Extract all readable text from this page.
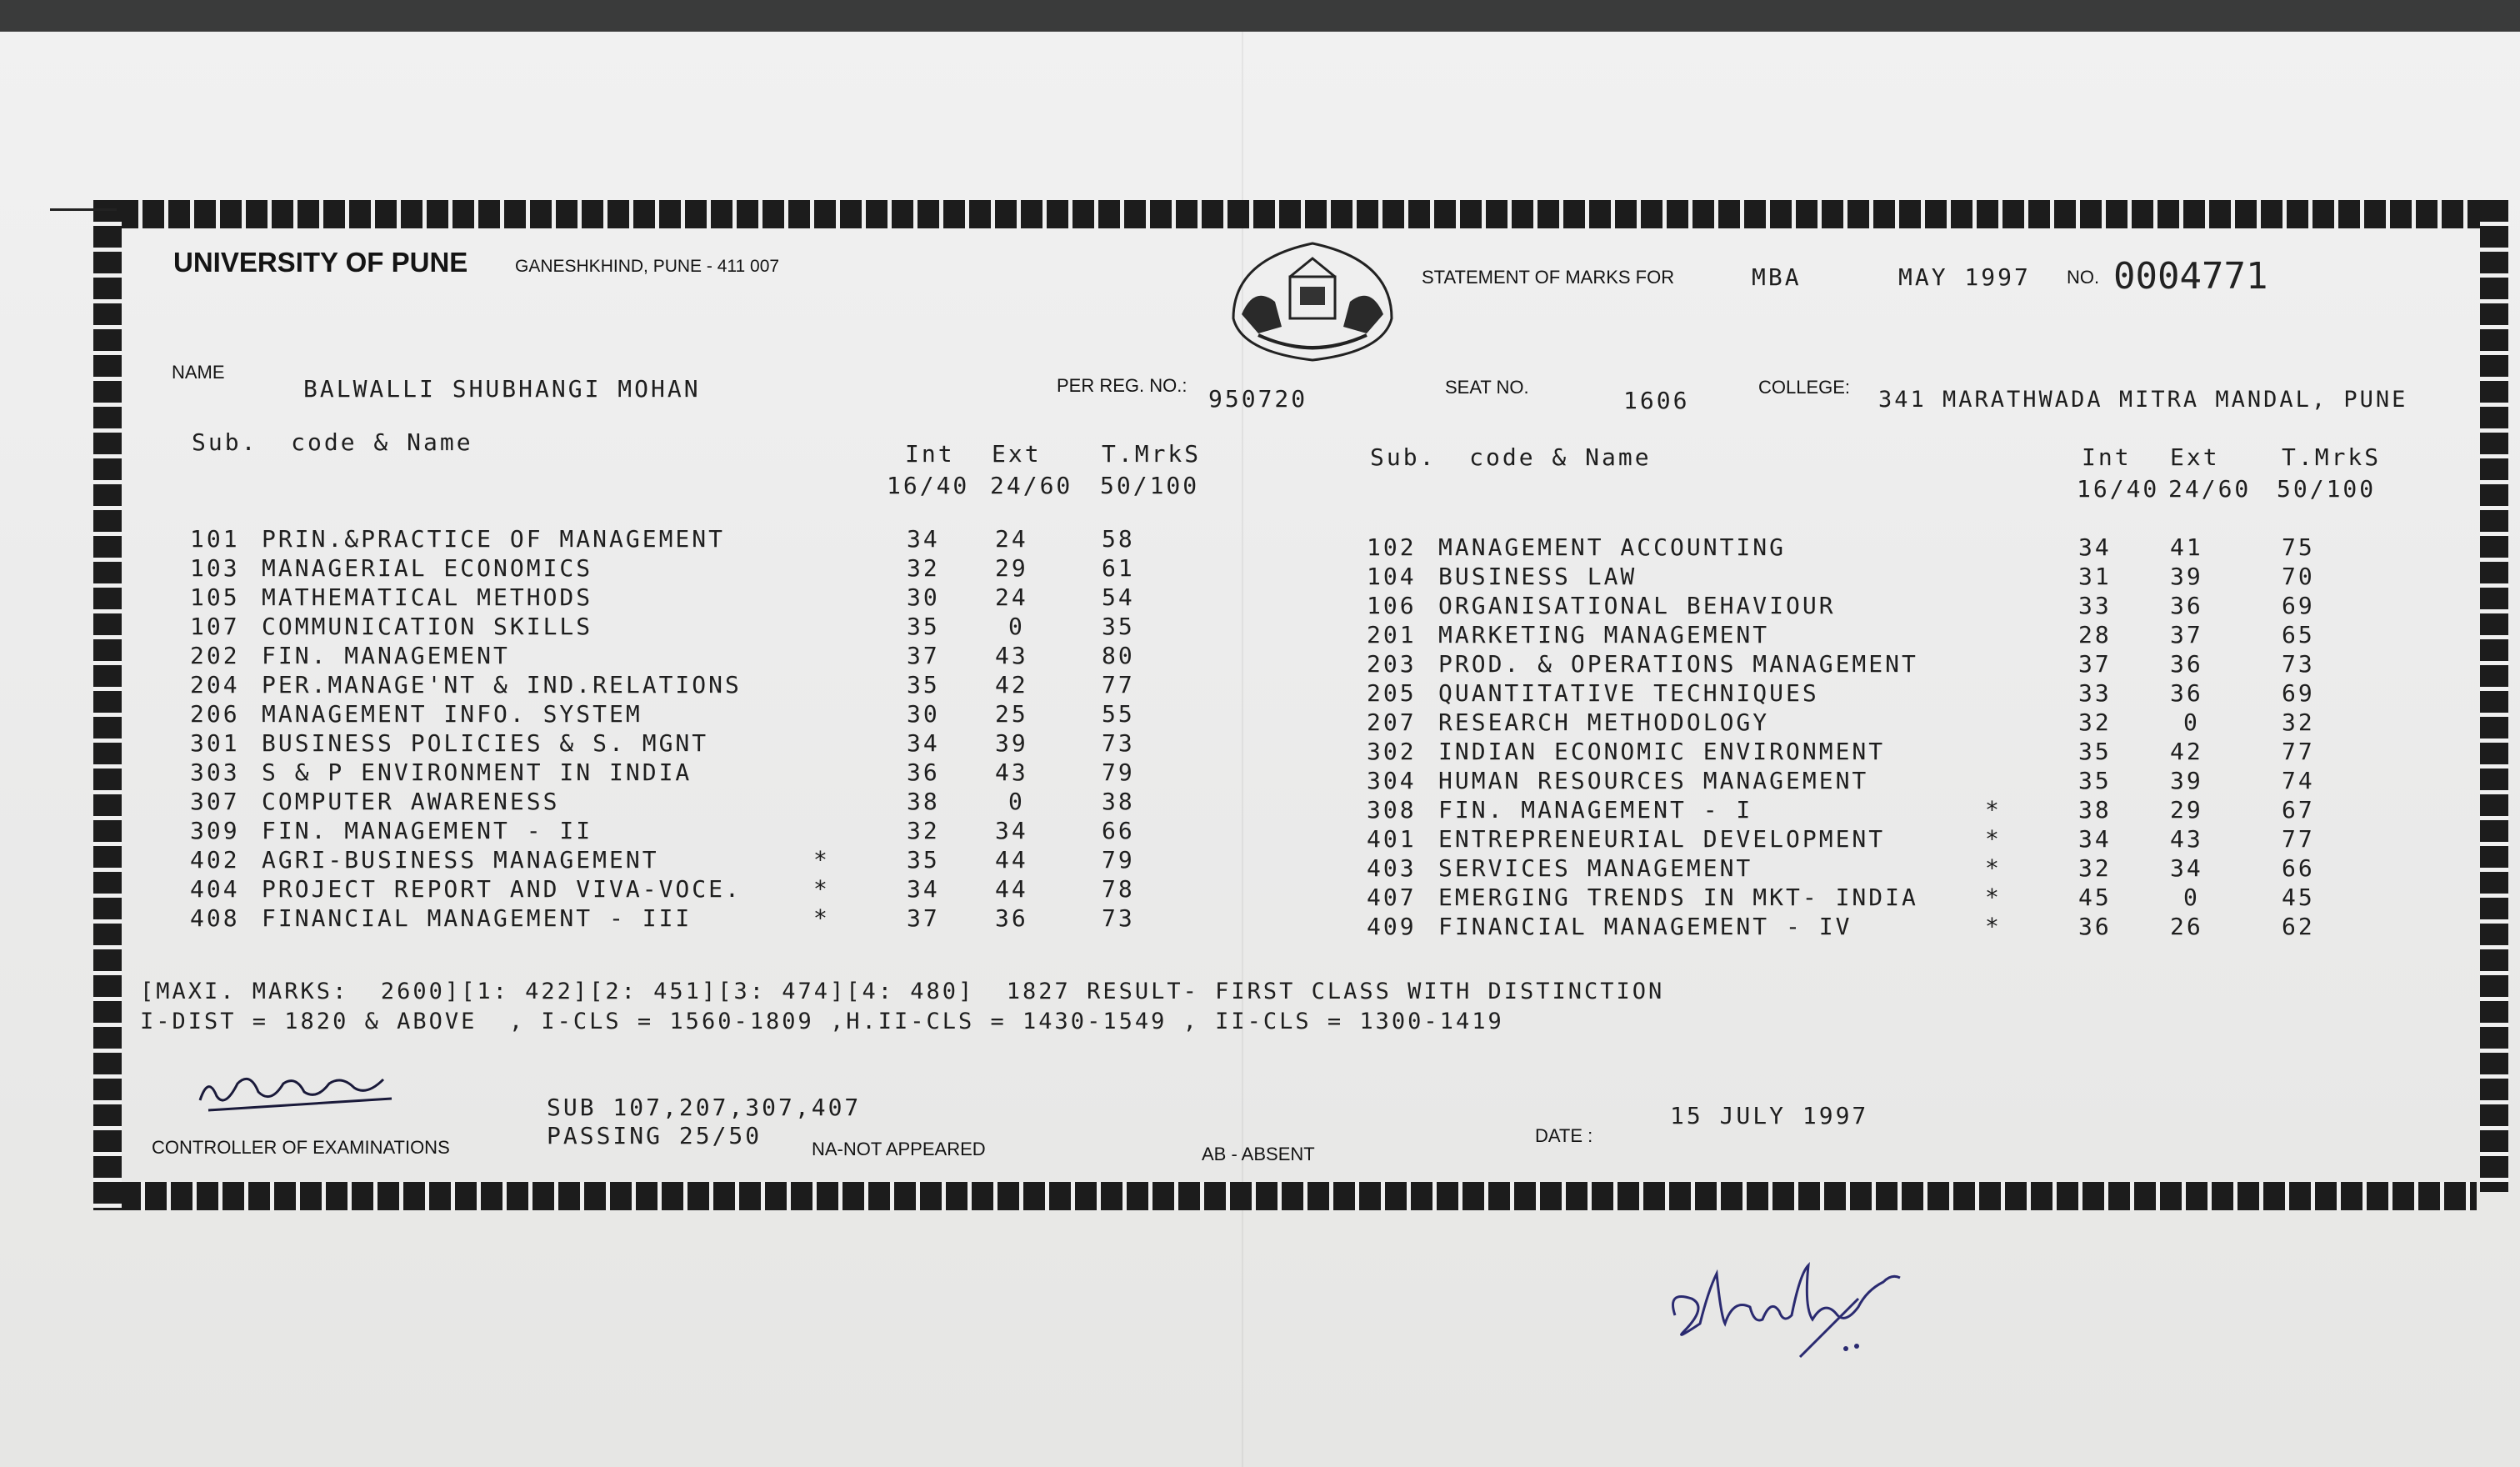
UNIVERSITY OF PUNE	GANESHKHIND, PUNE - 411 007
STATEMENT OF MARKS FOR	MBA	MAY 1997 NO. 0004771
NAME
BALWALLI SHUBHANGI MOHAN	PER REG. NO.: 950720	SEAT NO.	1606	COLLEGE: 341 MARATHWADA MITRA MANDAL, PUNE
Sub.  code & Name	Int Ext	T.MrkS
16/40 24/60 50/100
Sub.  code & Name	Int Ext	T.MrkS
16/40 24/60 50/100

101 PRIN.&PRACTICE OF MANAGEMENT	34 24	58

103 MANAGERIAL ECONOMICS	32 29	61

105 MATHEMATICAL METHODS	30 24	54

107 COMMUNICATION SKILLS	35	0	35

202 FIN. MANAGEMENT	37 43	80

204 PER.MANAGE'NT & IND.RELATIONS	35 42	77

206 MANAGEMENT INFO. SYSTEM	30 25	55

301 BUSINESS POLICIES & S. MGNT	34 39	73

303 S & P ENVIRONMENT IN INDIA	36 43	79

307 COMPUTER AWARENESS	38	0	38

309 FIN. MANAGEMENT - II	32 34	66

402 AGRI-BUSINESS MANAGEMENT	*	35 44	79

404 PROJECT REPORT AND VIVA-VOCE.	*	34 44	78

408 FINANCIAL MANAGEMENT - III	*	37 36	73

102 MANAGEMENT ACCOUNTING	34	41	75

104 BUSINESS LAW	31	39	70

106 ORGANISATIONAL BEHAVIOUR	33	36	69

201 MARKETING MANAGEMENT	28	37	65

203 PROD. & OPERATIONS MANAGEMENT	37	36	73

205 QUANTITATIVE TECHNIQUES	33	36	69

207 RESEARCH METHODOLOGY	32	0	32

302 INDIAN ECONOMIC ENVIRONMENT	35	42	77

304 HUMAN RESOURCES MANAGEMENT	35	39	74

308 FIN. MANAGEMENT - I	*	38	29	67

401 ENTREPRENEURIAL DEVELOPMENT	*	34	43	77

403 SERVICES MANAGEMENT	*	32	34	66

407 EMERGING TRENDS IN MKT- INDIA	*	45	0	45

409 FINANCIAL MANAGEMENT - IV	*	36	26	62

[MAXI. MARKS:  2600][1: 422][2: 451][3: 474][4: 480]  1827 RESULT- FIRST CLASS WITH DISTINCTION
I-DIST = 1820 & ABOVE  , I-CLS = 1560-1809 ,H.II-CLS = 1430-1549 , II-CLS = 1300-1419
CONTROLLER OF EXAMINATIONS
SUB 107,207,307,407
PASSING 25/50	NA-NOT APPEARED	AB - ABSENT
DATE :
15 JULY 1997
